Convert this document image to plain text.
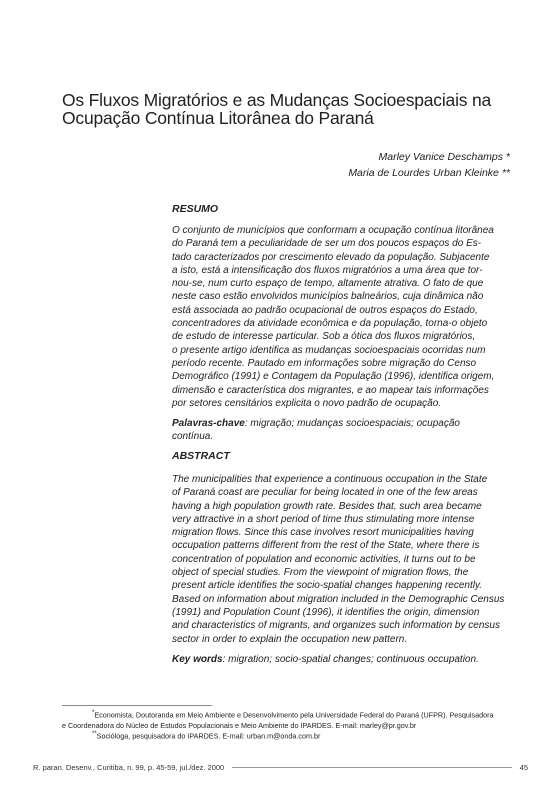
Os Fluxos Migratórios e as Mudanças Socioespaciais na
Ocupação Contínua Litorânea do Paraná
Marley Vanice Deschamps *
Maria de Lourdes Urban Kleinke **
RESUMO
O conjunto de municípios que conformam a ocupação contínua litorânea
do Paraná tem a peculiaridade de ser um dos poucos espaços do Es-
tado caracterizados por crescimento elevado da população. Subjacente
a isto, está a intensificação dos fluxos migratórios a uma área que tor-
nou-se, num curto espaço de tempo, altamente atrativa. O fato de que
neste caso estão envolvidos municípios balneários, cuja dinâmica não
está associada ao padrão ocupacional de outros espaços do Estado,
concentradores da atividade econômica e da população, torna-o objeto
de estudo de interesse particular. Sob a ótica dos fluxos migratórios,
o presente artigo identifica as mudanças socioespaciais ocorridas num
período recente. Pautado em informações sobre migração do Censo
Demográfico (1991) e Contagem da População (1996), identifica origem,
dimensão e característica dos migrantes, e ao mapear tais informações
por setores censitários explicita o novo padrão de ocupação.
Palavras-chave: migração; mudanças socioespaciais; ocupação
contínua.
ABSTRACT
The municipalities that experience a continuous occupation in the State
of Paraná coast are peculiar for being located in one of the few areas
having a high population growth rate. Besides that, such area became
very attractive in a short period of time thus stimulating more intense
migration flows. Since this case involves resort municipalities having
occupation patterns different from the rest of the State, where there is
concentration of population and economic activities, it turns out to be
object of special studies. From the viewpoint of migration flows, the
present article identifies the socio-spatial changes happening recently.
Based on information about migration included in the Demographic Census
(1991) and Population Count (1996), it identifies the origin, dimension
and characteristics of migrants, and organizes such information by census
sector in order to explain the occupation new pattern.
Key words: migration; socio-spatial changes; continuous occupation.
*Economista, Doutoranda em Meio Ambiente e Desenvolvimento pela Universidade Federal do Paraná (UFPR). Pesquisadora
e Coordenadora do Núcleo de Estudos Populacionais e Meio Ambiente do IPARDES. E-mail: marley@pr.gov.br
**Socióloga, pesquisadora do IPARDES. E-mail: urban.m@onda.com.br
R. paran. Desenv., Curitiba, n. 99, p. 45-59, jul./dez. 2000	45
